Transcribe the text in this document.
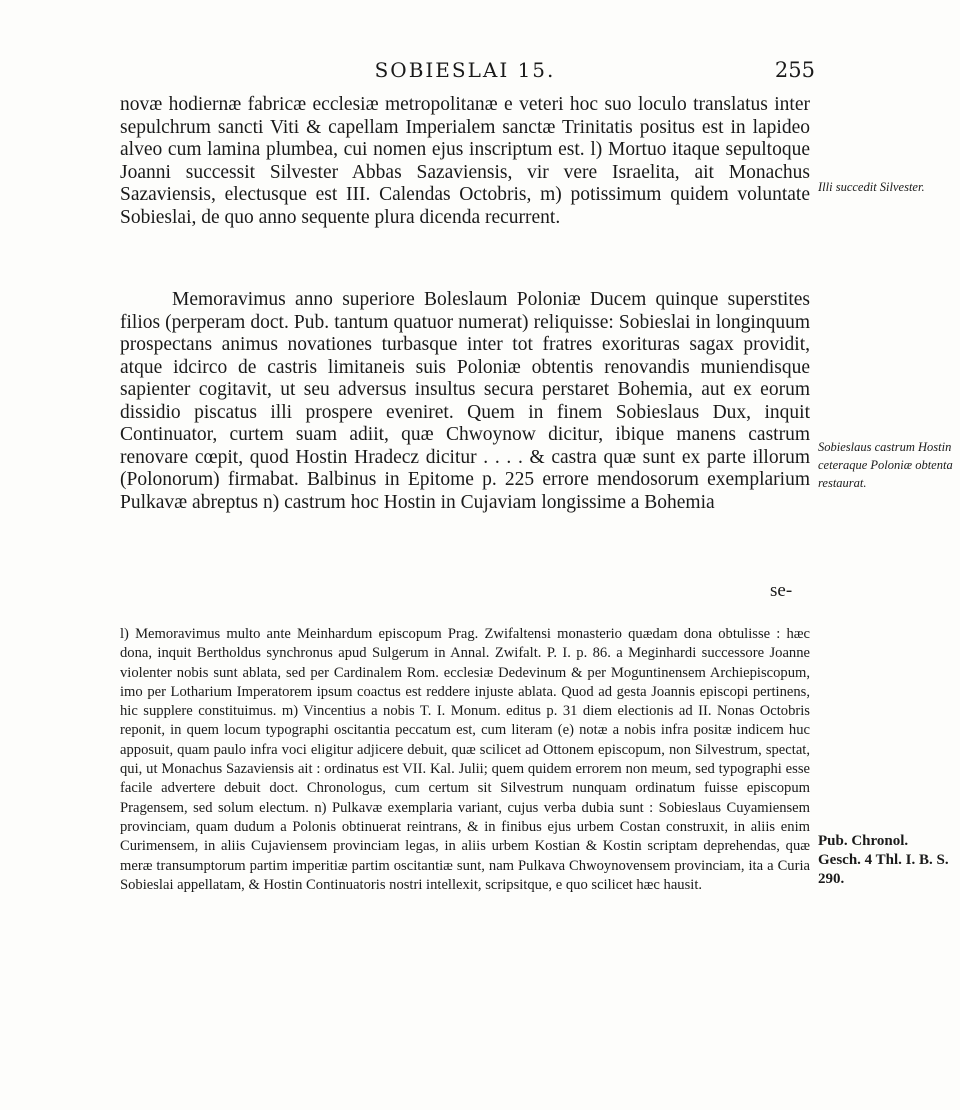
SOBIESLAI 15.	255

novæ hodiernæ fabricæ ecclesiæ metropolitanæ e veteri hoc suo loculo translatus inter sepulchrum sancti Viti & capellam Imperialem sanctæ Trinitatis positus est in lapideo alveo cum lamina plumbea, cui nomen ejus inscriptum est. l) Mortuo itaque sepultoque Joanni successit Silvester Abbas Sazaviensis, vir vere Israelita, ait Monachus Sazaviensis, electusque est III. Calendas Octobris, m) potissimum quidem voluntate Sobieslai, de quo anno sequente plura dicenda recurrent.

Memoravimus anno superiore Boleslaum Poloniæ Ducem quinque superstites filios (perperam doct. Pub. tantum quatuor numerat) reliquisse: Sobieslai in longinquum prospectans animus novationes turbasque inter tot fratres exorituras sagax providit, atque idcirco de castris limitaneis suis Poloniæ obtentis renovandis muniendisque sapienter cogitavit, ut seu adversus insultus secura perstaret Bohemia, aut ex eorum dissidio piscatus illi prospere eveniret. Quem in finem Sobieslaus Dux, inquit Continuator, curtem suam adiit, quæ Chwoynow dicitur, ibique manens castrum renovare cœpit, quod Hostin Hradecz dicitur . . . . & castra quæ sunt ex parte illorum (Polonorum) firmabat. Balbinus in Epitome p. 225 errore mendosorum exemplarium Pulkavæ abreptus n) castrum hoc Hostin in Cujaviam longissime a Bohemia

se-

l) Memoravimus multo ante Meinhardum episcopum Prag. Zwifaltensi monasterio quædam dona obtulisse : hæc dona, inquit Bertholdus synchronus apud Sulgerum in Annal. Zwifalt. P. I. p. 86. a Meginhardi successore Joanne violenter nobis sunt ablata, sed per Cardinalem Rom. ecclesiæ Dedevinum & per Moguntinensem Archiepiscopum, imo per Lotharium Imperatorem ipsum coactus est reddere injuste ablata. Quod ad gesta Joannis episcopi pertinens, hic supplere constituimus. m) Vincentius a nobis T. I. Monum. editus p. 31 diem electionis ad II. Nonas Octobris reponit, in quem locum typographi oscitantia peccatum est, cum literam (e) notæ a nobis infra positæ indicem huc apposuit, quam paulo infra voci eligitur adjicere debuit, quæ scilicet ad Ottonem episcopum, non Silvestrum, spectat, qui, ut Monachus Sazaviensis ait : ordinatus est VII. Kal. Julii; quem quidem errorem non meum, sed typographi esse facile advertere debuit doct. Chronologus, cum certum sit Silvestrum nunquam ordinatum fuisse episcopum Pragensem, sed solum electum. n) Pulkavæ exemplaria variant, cujus verba dubia sunt : Sobieslaus Cuyamiensem provinciam, quam dudum a Polonis obtinuerat reintrans, & in finibus ejus urbem Costan construxit, in aliis enim Curimensem, in aliis Cujaviensem provinciam legas, in aliis urbem Kostian & Kostin scriptam deprehendas, quæ meræ transumptorum partim imperitiæ partim oscitantiæ sunt, nam Pulkava Chwoynovensem provinciam, ita a Curia Sobieslai appellatam, & Hostin Continuatoris nostri intellexit, scripsitque, e quo scilicet hæc hausit.

Illi succedit Silvester.
Sobieslaus castrum Hostin ceteraque Poloniæ obtenta restaurat.
Pub. Chronol. Gesch. 4 Thl. I. B. S. 290.
